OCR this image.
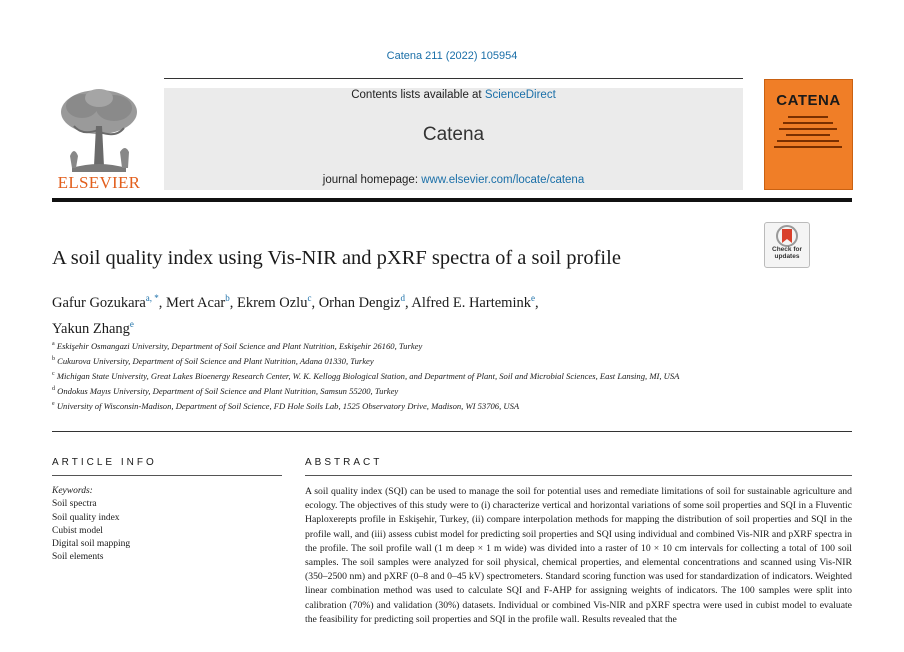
Catena 211 (2022) 105954
ELSEVIER
Contents lists available at ScienceDirect
Catena
journal homepage: www.elsevier.com/locate/catena
CATENA
A soil quality index using Vis-NIR and pXRF spectra of a soil profile	Check for updates
Gafur Gozukara$^{a, *}$, Mert Acar$^b$, Ekrem Ozlu$^c$, Orhan Dengiz$^d$, Alfred E. Hartemink$^e$,
Yakun Zhang$^e$
$^a$ Eskişehir Osmangazi University, Department of Soil Science and Plant Nutrition, Eskişehir 26160, Turkey
$^b$ Cukurova University, Department of Soil Science and Plant Nutrition, Adana 01330, Turkey
$^c$ Michigan State University, Great Lakes Bioenergy Research Center, W. K. Kellogg Biological Station, and Department of Plant, Soil and Microbial Sciences, East Lansing, MI, USA
$^d$ Ondokus Mayıs University, Department of Soil Science and Plant Nutrition, Samsun 55200, Turkey
$^e$ University of Wisconsin-Madison, Department of Soil Science, FD Hole Soils Lab, 1525 Observatory Drive, Madison, WI 53706, USA
ARTICLE INFO
Keywords:
Soil spectra
Soil quality index
Cubist model
Digital soil mapping
Soil elements
ABSTRACT
A soil quality index (SQI) can be used to manage the soil for potential uses and remediate limitations of soil for sustainable agriculture and ecology. The objectives of this study were to (i) characterize vertical and horizontal variations of some soil properties and SQI in a Fluventic Haploxerepts profile in Eskişehir, Turkey, (ii) compare interpolation methods for mapping the distribution of soil properties and SQI in the profile wall, and (iii) assess cubist model for predicting soil properties and SQI using individual and combined Vis-NIR and pXRF spectra in the profile. The soil profile wall (1 m deep × 1 m wide) was divided into a raster of 10 × 10 cm intervals for collecting a total of 100 soil samples. The soil samples were analyzed for soil physical, chemical properties, and elemental concentrations and scanned using Vis-NIR (350–2500 nm) and pXRF (0–8 and 0–45 kV) spectrometers. Standard scoring function was used for standardization of indicators. Weighted linear combination method was used to calculate SQI and F-AHP for assigning weights of indicators. The 100 samples were split into calibration (70%) and validation (30%) datasets. Individual or combined Vis-NIR and pXRF spectra were used in cubist model to evaluate the feasibility for predicting soil properties and SQI in the profile wall. Results revealed that the
